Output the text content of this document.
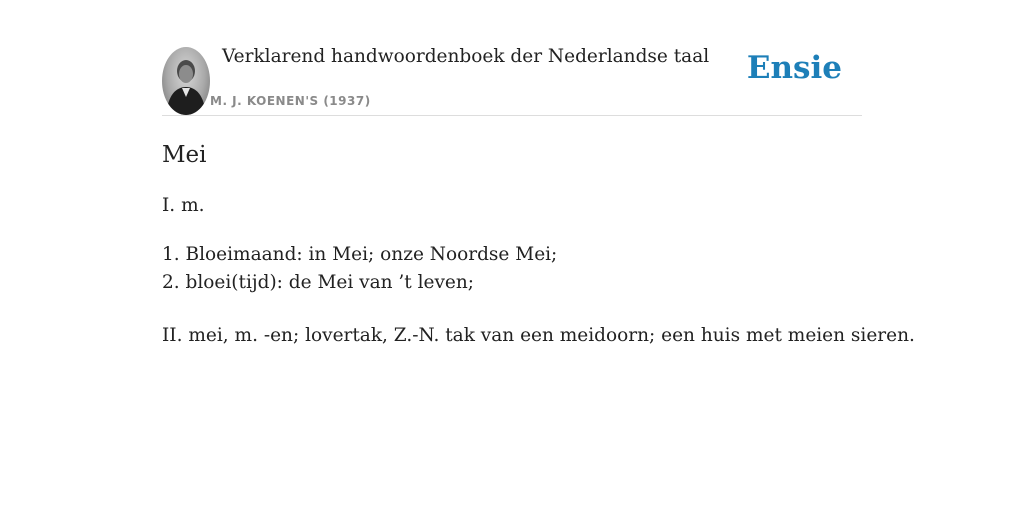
Verklarend handwoordenboek der Nederlandse taal
M. J. KOENEN'S (1937)
Ensie
Mei
I. m.
1. Bloeimaand: in Mei; onze Noordse Mei;
2. bloei(tijd): de Mei van ’t leven;

II. mei, m. -en; lovertak, Z.-N. tak van een meidoorn; een huis met meien sieren.
